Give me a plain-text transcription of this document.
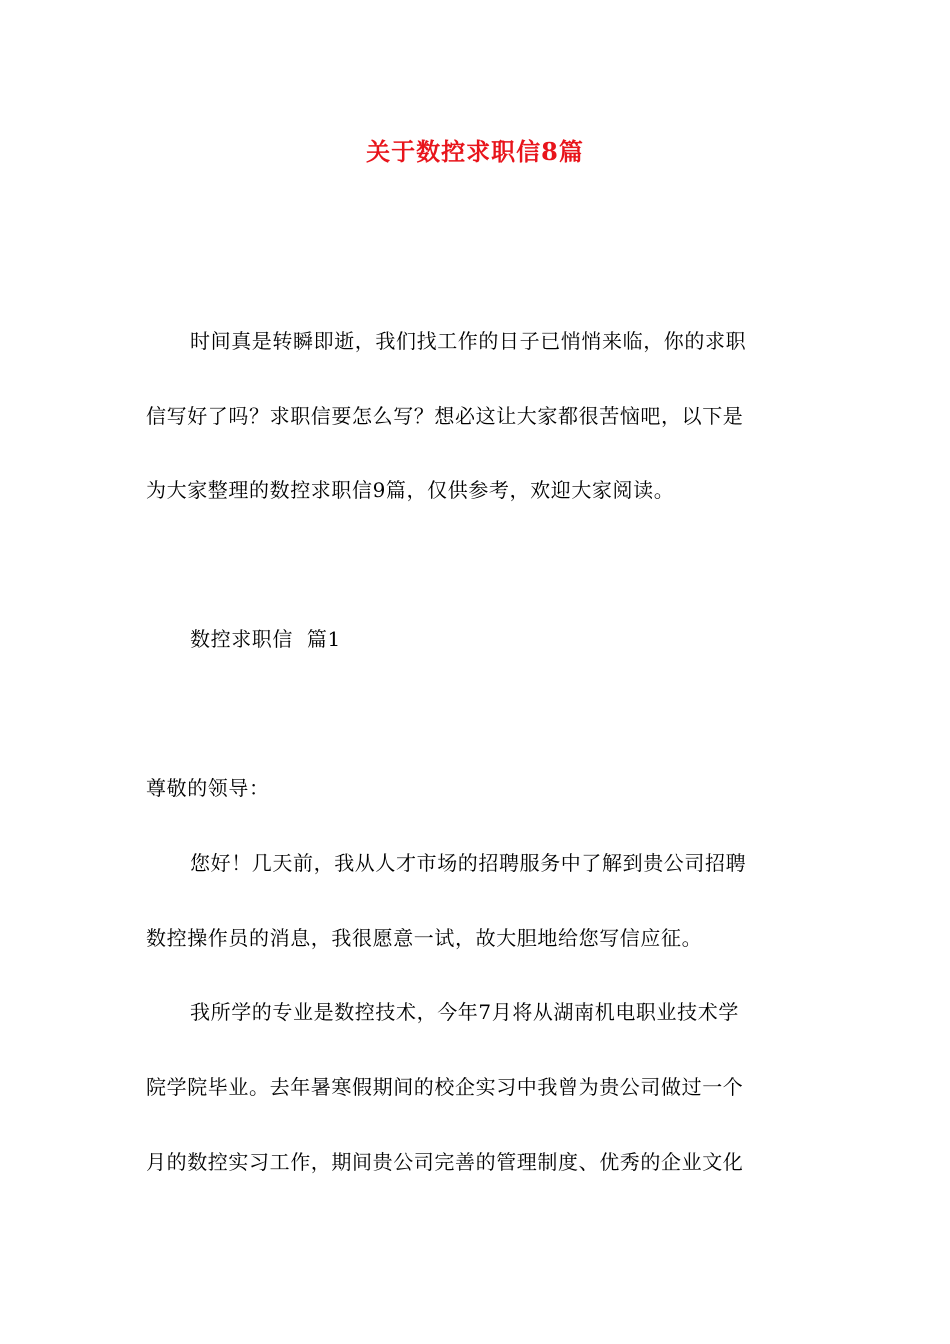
关于数控求职信8篇
时间真是转瞬即逝，我们找工作的日子已悄悄来临，你的求职
信写好了吗？求职信要怎么写？想必这让大家都很苦恼吧，以下是
为大家整理的数控求职信9篇，仅供参考，欢迎大家阅读。
数控求职信  篇1
尊敬的领导：
您好！几天前，我从人才市场的招聘服务中了解到贵公司招聘
数控操作员的消息，我很愿意一试，故大胆地给您写信应征。
我所学的专业是数控技术，今年7月将从湖南机电职业技术学
院学院毕业。去年暑寒假期间的校企实习中我曾为贵公司做过一个
月的数控实习工作，期间贵公司完善的管理制度、优秀的企业文化
